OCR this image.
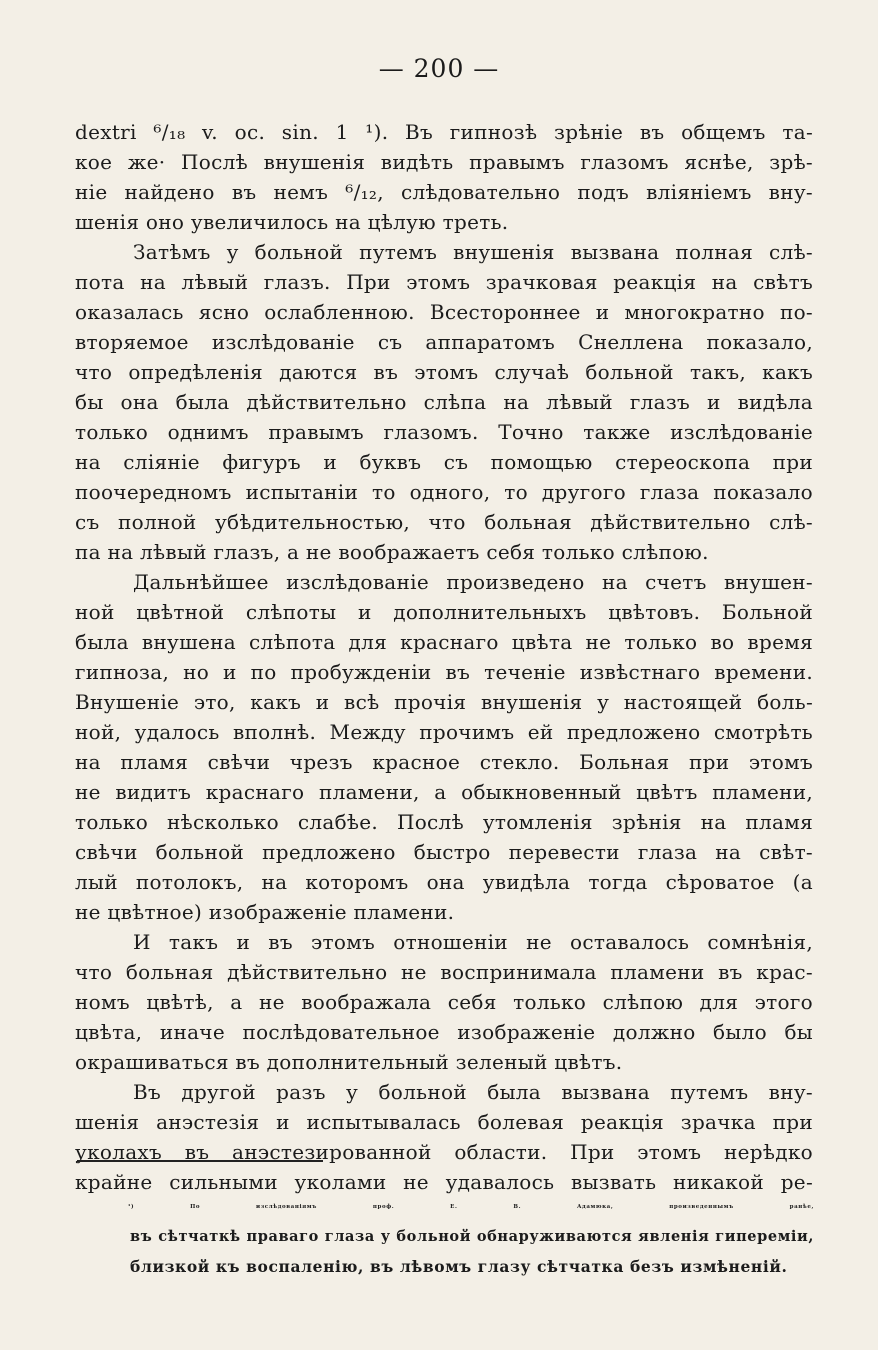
— 200 —
dextri ⁶/₁₈ v. oc. sin. 1 ¹). Въ гипнозѣ зрѣніе въ общемъ та-
кое же· Послѣ внушенія видѣть правымъ глазомъ яснѣе, зрѣ-
ніе найдено въ немъ ⁶/₁₂, слѣдовательно подъ вліяніемъ вну-
шенія оно увеличилось на цѣлую треть.
Затѣмъ у больной путемъ внушенія вызвана полная слѣ-
пота на лѣвый глазъ. При этомъ зрачковая реакція на свѣтъ
оказалась ясно ослабленною. Всестороннее и многократно по-
вторяемое изслѣдованіе съ аппаратомъ Снеллена показало,
что опредѣленія даются въ этомъ случаѣ больной такъ, какъ
бы она была дѣйствительно слѣпа на лѣвый глазъ и видѣла
только однимъ правымъ глазомъ. Точно также изслѣдованіе
на сліяніе фигуръ и буквъ съ помощью стереоскопа при
поочередномъ испытаніи то одного, то другого глаза показало
съ полной убѣдительностью, что больная дѣйствительно слѣ-
па на лѣвый глазъ, а не воображаетъ себя только слѣпою.
Дальнѣйшее изслѣдованіе произведено на счетъ внушен-
ной цвѣтной слѣпоты и дополнительныхъ цвѣтовъ. Больной
была внушена слѣпота для краснаго цвѣта не только во время
гипноза, но и по пробужденіи въ теченіе извѣстнаго времени.
Внушеніе это, какъ и всѣ прочія внушенія у настоящей боль-
ной, удалось вполнѣ. Между прочимъ ей предложено смотрѣть
на пламя свѣчи чрезъ красное стекло. Больная при этомъ
не видитъ краснаго пламени, а обыкновенный цвѣтъ пламени,
только нѣсколько слабѣе. Послѣ утомленія зрѣнія на пламя
свѣчи больной предложено быстро перевести глаза на свѣт-
лый потолокъ, на которомъ она увидѣла тогда сѣроватое (а
не цвѣтное) изображеніе пламени.
И такъ и въ этомъ отношеніи не оставалось сомнѣнія,
что больная дѣйствительно не воспринимала пламени въ крас-
номъ цвѣтѣ, а не воображала себя только слѣпою для этого
цвѣта, иначе послѣдовательное изображеніе должно было бы
окрашиваться въ дополнительный зеленый цвѣтъ.
Въ другой разъ у больной была вызвана путемъ вну-
шенія анэстезія и испытывалась болевая реакція зрачка при
уколахъ въ анэстезированной области. При этомъ нерѣдко
крайне сильными уколами не удавалось вызвать никакой ре-
¹) По изслѣдованіямъ проф. Е. В. Адамюка, произведеннымъ ранѣе,
въ сѣтчаткѣ праваго глаза у больной обнаруживаются явленія гипереміи,
близкой къ воспаленію, въ лѣвомъ глазу сѣтчатка безъ измѣненій.
